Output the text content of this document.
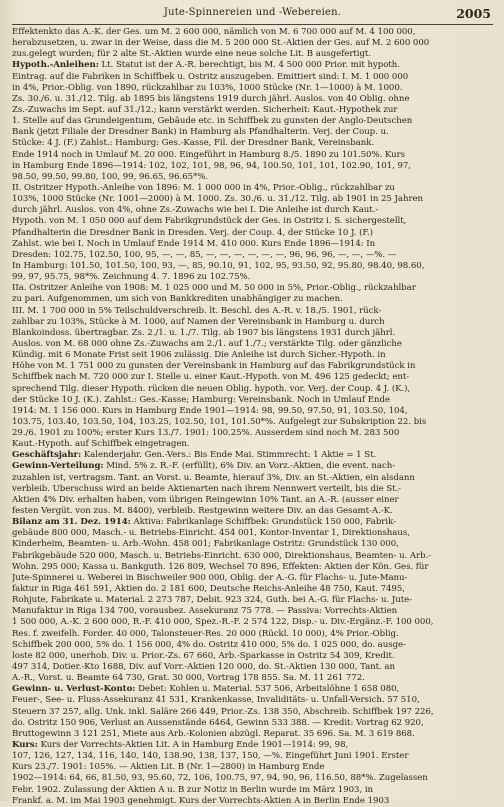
Jute-Spinnereien und -Webereien.	2005
Effektenkto das A.-K. der Ges. um M. 2 600 000, nämlich von M. 6 700 000 auf M. 4 100 000,
herabzusetzen, u. zwar in der Weise, dass die M. 5 200 000 St.-Aktien der Ges. auf M. 2 600 000
zus.gelegt wurden; für 2 alte St.-Aktien wurde eine neue solche Lit. B ausgefertigt.
Hypoth.-Anleihen: Lt. Statut ist der A.-R. berechtigt, bis M. 4 500 000 Prior. mit hypoth.
Eintrag. auf die Fabriken in Schiffbek u. Ostritz auszugeben. Emittiert sind: I. M. 1 000 000
in 4%, Prior.-Oblig. von 1890, rückzahlbar zu 103%, 1000 Stücke (Nr. 1—1000) à M. 1000.
Zs. 30./6. u. 31./12. Tilg. ab 1895 bis längstens 1919 durch jährl. Auslos. von 40 Oblig. ohne
Zs.-Zuwachs im Sept. auf 31./12.; kann verstärkt werden. Sicherheit: Kaut.-Hypothek zur
1. Stelle auf das Grundeigentum, Gebäude etc. in Schiffbek zu gunsten der Anglo-Deutschen
Bank (jetzt Filiale der Dresdner Bank) in Hamburg als Pfandhalterin. Verj. der Coup. u.
Stücke: 4 J. (F.) Zahlst.: Hamburg: Ges.-Kasse, Fil. der Dresdner Bank, Vereinsbank.
Ende 1914 noch in Umlauf M. 20 000. Eingeführt in Hamburg 8./5. 1890 zu 101.50%. Kurs
in Hamburg Ende 1896—1914: 102, 102, 101, 98, 96, 94, 100.50, 101, 101, 102.90, 101, 97,
98.50, 99.50, 99.80, 100, 99, 96.65, 96.65*%.
II. Ostritzer Hypoth.-Anleihe von 1896: M. 1 000 000 in 4%, Prior.-Oblig., rückzahlbar zu
103%, 1000 Stücke (Nr. 1001—2000) à M. 1000. Zs. 30./6. u. 31./12. Tilg. ab 1901 in 25 Jahren
durch jährl. Auslos. von 4%, ohne Zs.-Zuwachs wie bei I. Die Anleihe ist durch Kaut.-
Hypoth. von M. 1 050 000 auf dem Fabrikgrundstück der Ges. in Ostritz i. S. sichergestellt,
Pfandhalterin die Dresdner Bank in Dresden. Verj. der Coup. 4, der Stücke 10 J. (F.)
Zahlst. wie bei I. Noch in Umlauf Ende 1914 M. 410 000. Kurs Ende 1896—1914: In
Dresden: 102.75, 102.50, 100, 95, —, —, 85, —, —, —, —, —, —, 96, 96, 96, —, —, —%. —
In Hamburg: 101.50, 101.50, 100, 93, —, 85, 90.10, 91, 102, 95, 93.50, 92, 95.80, 98.40, 98.60,
99, 97, 95.75, 98*%. Zeichnung 4. 7. 1896 zu 102.75%.
IIa. Ostritzer Anleihe von 1908: M. 1 025 000 und M. 50 000 in 5%, Prior.-Oblig., rückzahlbar
zu pari. Aufgenommen, um sich von Bankkrediten unabhängiger zu machen.
III. M. 1 700 000 in 5% Teilschuldverschreib. lt. Beschl. des A.-R. v. 18./5. 1901, rück-
zahlbar zu 103%, Stücke à M. 1000, auf Namen der Vereinsbank in Hamburg u. durch
Blankoindoss. übertragbar. Zs. 2./1. u. 1./7. Tilg. ab 1907 bis längstens 1931 durch jährl.
Auslos. von M. 68 000 ohne Zs.-Zuwachs am 2./1. auf 1./7.; verstärkte Tilg. oder gänzliche
Kündig. mit 6 Monate Frist seit 1906 zulässig. Die Anleihe ist durch Sicher.-Hypoth. in
Höhe von M. 1 751 000 zu gunsten der Vereinsbank in Hamburg auf das Fabrikgrundstück in
Schiffbek nach M. 720 000 zur I. Stelle u. einer Kaut.-Hypoth. von M. 496 125 gedeckt; ent-
sprechend Tilg. dieser Hypoth. rücken die neuen Oblig. hypoth. vor. Verj. der Coup. 4 J. (K.),
der Stücke 10 J. (K.). Zahlst.: Ges.-Kasse; Hamburg: Vereinsbank. Noch in Umlauf Ende
1914: M. 1 156 000. Kurs in Hamburg Ende 1901—1914: 98, 99.50, 97.50, 91, 103.50, 104,
103.75, 103.40, 103.50, 104, 103.25, 102.50, 101, 101.50*%. Aufgelegt zur Subskription 22. bis
29./6. 1901 zu 100%; erster Kurs 13./7. 1901: 100.25%. Ausserdem sind noch M. 283 500
Kaut.-Hypoth. auf Schiffbek eingetragen.
Geschäftsjahr: Kalenderjahr. Gen.-Vers.: Bis Ende Mai. Stimmrecht: 1 Aktie = 1 St.
Gewinn-Verteilung: Mind. 5% z. R.-F. (erfüllt), 6% Div. an Vorz.-Aktien, die event. nach-
zuzahlen ist, vertragsm. Tant. an Vorst. u. Beamte, hierauf 3%, Div. an St.-Aktien, ein alsdann
verbleib. Überschuss wird an beide Aktienarten nach ihrem Nennwert verteilt, bis die St.-
Aktien 4% Div. erhalten haben, vom übrigen Reingewinn 10% Tant. an A.-R. (ausser einer
festen Vergüt. von zus. M. 8400), verbleib. Restgewinn weitere Div. an das Gesamt-A.-K.
Bilanz am 31. Dez. 1914: Aktiva: Fabrikanlage Schiffbek: Grundstück 150 000, Fabrik-
gebäude 800 000, Masch.- u. Betriebs-Einricht. 454 001, Kontor-Inventar 1, Direktionshaus,
Kinderheim, Beamten- u. Arb.-Wohn. 458 001; Fabrikanlage Ostritz: Grundstück 130 000,
Fabrikgebäude 520 000, Masch. u. Betriebs-Einricht. 630 000, Direktionshaus, Beamten- u. Arb.-
Wohn. 295 000; Kassa u. Bankguth. 126 809, Wechsel 70 896, Effekten: Aktien der Kön. Ges. für
Jute-Spinnerei u. Weberei in Bischweiler 900 000, Oblig. der A.-G. für Flachs- u. Jute-Manu-
faktur in Riga 461 591, Aktien do. 2 181 600, Deutsche Reichs-Anleihe 48 750, Kaut. 7495,
Rohjute, Fabrikate u. Material. 2 273 787, Debit. 923 324, Guth. bei A.-G. für Flachs- u. Jute-
Manufaktur in Riga 134 700, vorausbez. Assekuranz 75 778. — Passiva: Vorrechts-Aktien
1 500 000, A.-K. 2 600 000, R.-F. 410 000, Spez.-R.-F. 2 574 122, Disp.- u. Div.-Ergänz.-F. 100 000,
Res. f. zweifelh. Forder. 40 000, Talonsteuer-Res. 20 000 (Rückl. 10 000), 4% Prior.-Oblig.
Schiffbek 200 000, 5% do. 1 156 000, 4% do. Ostritz 410 000, 5% do. 1 025 000, do. ausge-
loste 82 000, unerhob. Div. u. Prior.-Zs. 67 660, Arb.-Sparkasse in Ostritz 54 309, Kredit.
497 314, Dotier.-Kto 1688, Div. auf Vorr.-Aktien 120 000, do. St.-Aktien 130 000, Tant. an
A.-R., Vorst. u. Beamte 64 730, Grat. 30 000, Vortrag 178 855. Sa. M. 11 261 772.
Gewinn- u. Verlust-Konto: Debet: Kohlen u. Material. 537 506, Arbeitslöhne 1 658 080,
Feuer-, See- u. Fluss-Assekuranz 41 531, Krankenkasse, Invaliditäts- u. Unfall-Versich. 57 510,
Steuern 37 257, allg. Unk. inkl. Saläre 266 449, Prior.-Zs. 138 350, Abschreib. Schiffbek 197 226,
do. Ostritz 150 906, Verlust an Aussenstände 6464, Gewinn 533 388. — Kredit: Vortrag 62 920,
Bruttogewinn 3 121 251, Miete aus Arb.-Kolonien abzügl. Reparat. 35 696. Sa. M. 3 619 868.
Kurs: Kurs der Vorrechts-Aktien Lit. A in Hamburg Ende 1901—1914: 99, 98,
107, 126, 127, 134, 116, 140, 140, 138.90, 138, 137, 150, —%. Eingeführt Juni 1901. Erster
Kurs 23./7. 1901: 105%. — Aktien Lit. B (Nr. 1—2800) in Hamburg Ende
1902—1914: 64, 66, 81.50, 93, 95.60, 72, 106, 100.75, 97, 94, 90, 96, 116.50, 88*%. Zugelassen
Febr. 1902. Zulassung der Aktien A u. B zur Notiz in Berlin wurde im März 1903, in
Frankf. a. M. im Mai 1903 genehmigt. Kurs der Vorrechts-Aktien A in Berlin Ende 1903
